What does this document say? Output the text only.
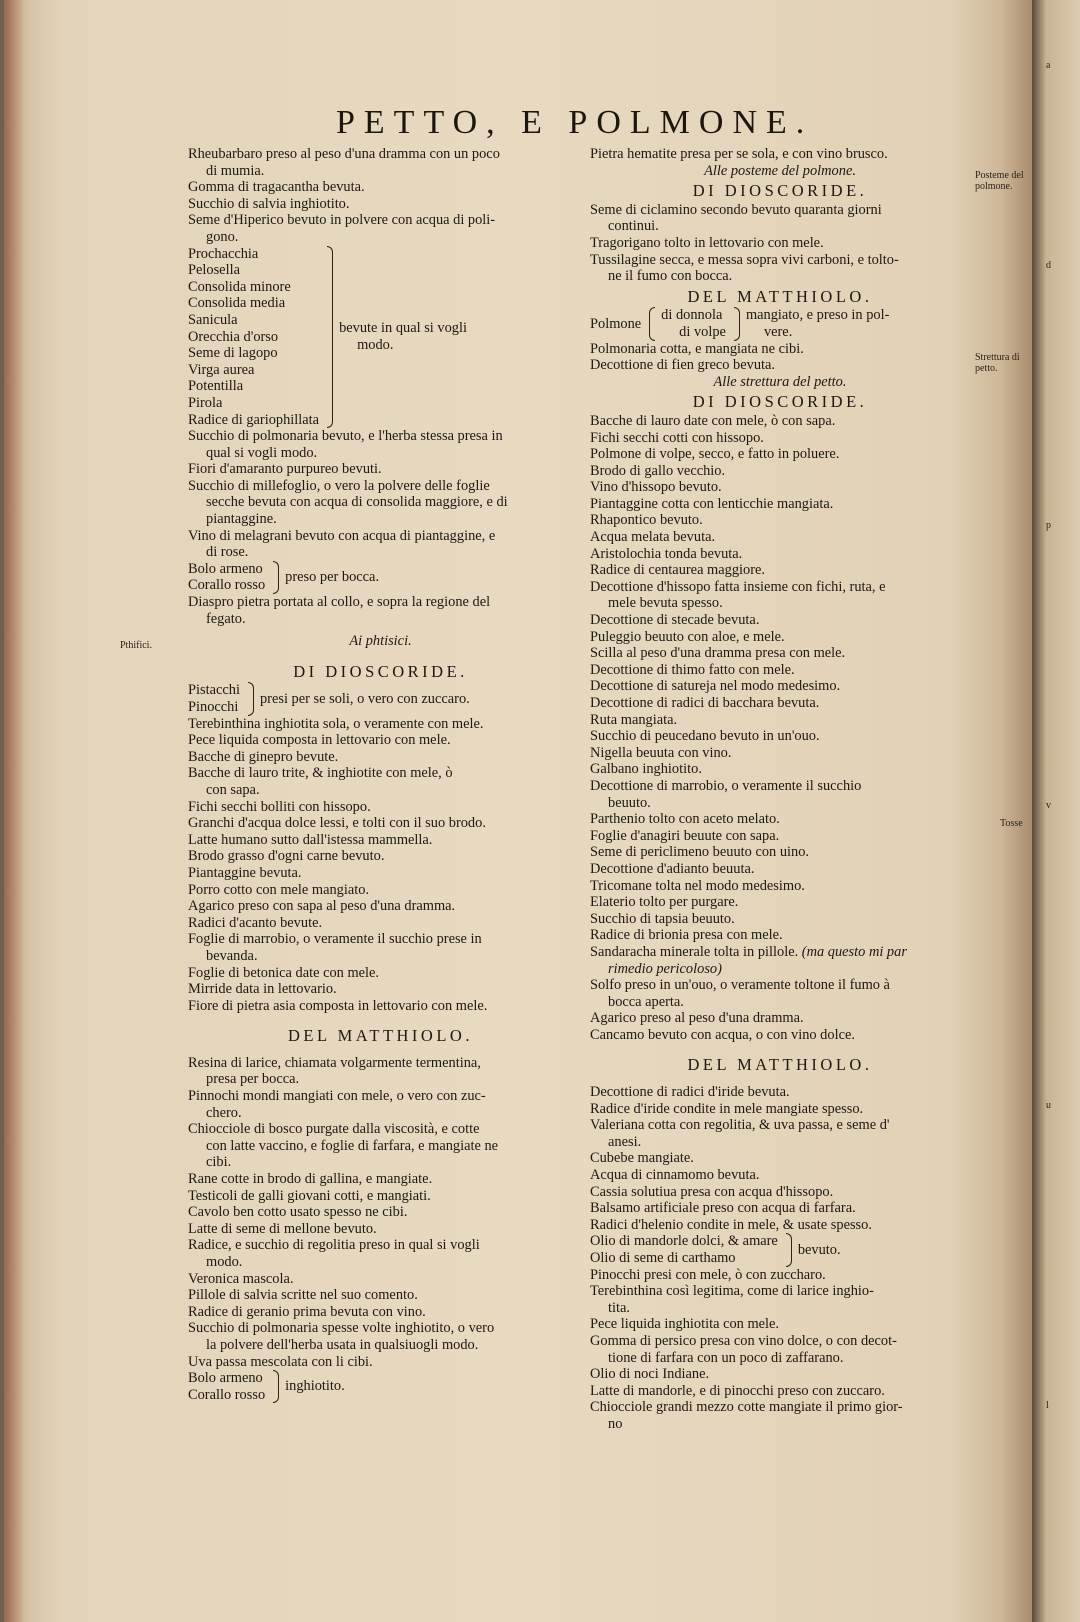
a
d
p
v
u
l
PETTO, E POLMONE.
Pthifici.
Posteme del
polmone.
Strettura di
petto.
Tosse
Rheubarbaro preso al peso d'una dramma con un poco
di mumia.
Gomma di tragacantha bevuta.
Succhio di salvia inghiotito.
Seme d'Hiperico bevuto in polvere con acqua di poli-
gono.
Prochacchia
Pelosella
Consolida minore
Consolida media
Sanicula
Orecchia d'orso
Seme di lagopo
Virga aurea
Potentilla
Pirola
Radice di gariophillata
bevute in qual si vogli
modo.
Succhio di polmonaria bevuto, e l'herba stessa presa in
qual si vogli modo.
Fiori d'amaranto purpureo bevuti.
Succhio di millefoglio, o vero la polvere delle foglie
secche bevuta con acqua di consolida maggiore, e di
piantaggine.
Vino di melagrani bevuto con acqua di piantaggine, e
di rose.
Bolo armeno
Corallo rosso
preso per bocca.
Diaspro pietra portata al collo, e sopra la regione del
fegato.
Ai phtisici.
DI DIOSCORIDE.
Pistacchi
Pinocchi
presi per se soli, o vero con zuccaro.
Terebinthina inghiotita sola, o veramente con mele.
Pece liquida composta in lettovario con mele.
Bacche di ginepro bevute.
Bacche di lauro trite, & inghiotite con mele, ò
con sapa.
Fichi secchi bolliti con hissopo.
Granchi d'acqua dolce lessi, e tolti con il suo brodo.
Latte humano sutto dall'istessa mammella.
Brodo grasso d'ogni carne bevuto.
Piantaggine bevuta.
Porro cotto con mele mangiato.
Agarico preso con sapa al peso d'una dramma.
Radici d'acanto bevute.
Foglie di marrobio, o veramente il succhio prese in
bevanda.
Foglie di betonica date con mele.
Mirride data in lettovario.
Fiore di pietra asia composta in lettovario con mele.
DEL MATTHIOLO.
Resina di larice, chiamata volgarmente termentina,
presa per bocca.
Pinnochi mondi mangiati con mele, o vero con zuc-
chero.
Chiocciole di bosco purgate dalla viscosità, e cotte
con latte vaccino, e foglie di farfara, e mangiate ne
cibi.
Rane cotte in brodo di gallina, e mangiate.
Testicoli de galli giovani cotti, e mangiati.
Cavolo ben cotto usato spesso ne cibi.
Latte di seme di mellone bevuto.
Radice, e succhio di regolitia preso in qual si vogli
modo.
Veronica mascola.
Pillole di salvia scritte nel suo comento.
Radice di geranio prima bevuta con vino.
Succhio di polmonaria spesse volte inghiotito, o vero
la polvere dell'herba usata in qualsiuogli modo.
Uva passa mescolata con li cibi.
Bolo armeno
Corallo rosso
inghiotito.
Pietra hematite presa per se sola, e con vino brusco.
Alle posteme del polmone.
DI DIOSCORIDE.
Seme di ciclamino secondo bevuto quaranta giorni
continui.
Tragorigano tolto in lettovario con mele.
Tussilagine secca, e messa sopra vivi carboni, e tolto-
ne il fumo con bocca.
DEL MATTHIOLO.
Polmone
di donnola
di volpe
mangiato, e preso in pol-
vere.
Polmonaria cotta, e mangiata ne cibi.
Decottione di fien greco bevuta.
Alle strettura del petto.
DI DIOSCORIDE.
Bacche di lauro date con mele, ò con sapa.
Fichi secchi cotti con hissopo.
Polmone di volpe, secco, e fatto in poluere.
Brodo di gallo vecchio.
Vino d'hissopo bevuto.
Piantaggine cotta con lenticchie mangiata.
Rhapontico bevuto.
Acqua melata bevuta.
Aristolochia tonda bevuta.
Radice di centaurea maggiore.
Decottione d'hissopo fatta insieme con fichi, ruta, e
mele bevuta spesso.
Decottione di stecade bevuta.
Puleggio beuuto con aloe, e mele.
Scilla al peso d'una dramma presa con mele.
Decottione di thimo fatto con mele.
Decottione di satureja nel modo medesimo.
Decottione di radici di bacchara bevuta.
Ruta mangiata.
Succhio di peucedano bevuto in un'ouo.
Nigella beuuta con vino.
Galbano inghiotito.
Decottione di marrobio, o veramente il succhio
beuuto.
Parthenio tolto con aceto melato.
Foglie d'anagiri beuute con sapa.
Seme di periclimeno beuuto con uino.
Decottione d'adianto beuuta.
Tricomane tolta nel modo medesimo.
Elaterio tolto per purgare.
Succhio di tapsia beuuto.
Radice di brionia presa con mele.
Sandaracha minerale tolta in pillole. (ma questo mi par
rimedio pericoloso)
Solfo preso in un'ouo, o veramente toltone il fumo à
bocca aperta.
Agarico preso al peso d'una dramma.
Cancamo bevuto con acqua, o con vino dolce.
DEL MATTHIOLO.
Decottione di radici d'iride bevuta.
Radice d'iride condite in mele mangiate spesso.
Valeriana cotta con regolitia, & uva passa, e seme d'
anesi.
Cubebe mangiate.
Acqua di cinnamomo bevuta.
Cassia solutiua presa con acqua d'hissopo.
Balsamo artificiale preso con acqua di farfara.
Radici d'helenio condite in mele, & usate spesso.
Olio di mandorle dolci, & amare
Olio di seme di carthamo
bevuto.
Pinocchi presi con mele, ò con zuccharo.
Terebinthina così legitima, come di larice inghio-
tita.
Pece liquida inghiotita con mele.
Gomma di persico presa con vino dolce, o con decot-
tione di farfara con un poco di zaffarano.
Olio di noci Indiane.
Latte di mandorle, e di pinocchi preso con zuccaro.
Chiocciole grandi mezzo cotte mangiate il primo gior-
no
